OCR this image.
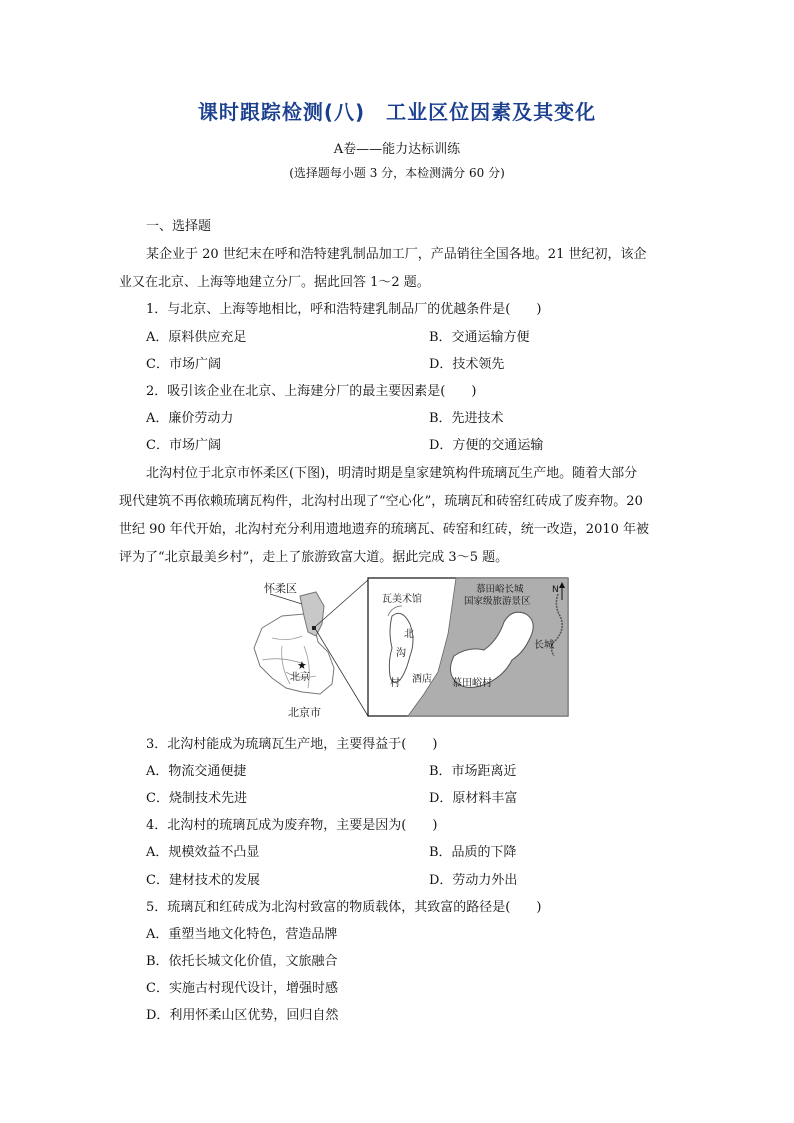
课时跟踪检测(八)　工业区位因素及其变化
A卷——能力达标训练
(选择题每小题 3 分，本检测满分 60 分)
一、选择题
某企业于 20 世纪末在呼和浩特建乳制品加工厂，产品销往全国各地。21 世纪初，该企
业又在北京、上海等地建立分厂。据此回答 1～2 题。
1．与北京、上海等地相比，呼和浩特建乳制品厂的优越条件是(　　)
A．原料供应充足	B．交通运输方便
C．市场广阔	D．技术领先
2．吸引该企业在北京、上海建分厂的最主要因素是(　　)
A．廉价劳动力	B．先进技术
C．市场广阔	D．方便的交通运输
北沟村位于北京市怀柔区(下图)，明清时期是皇家建筑构件琉璃瓦生产地。随着大部分
现代建筑不再依赖琉璃瓦构件，北沟村出现了“空心化”，琉璃瓦和砖窑红砖成了废弃物。20
世纪 90 年代开始，北沟村充分利用遗地遗弃的琉璃瓦、砖窑和红砖，统一改造，2010 年被
评为了“北京最美乡村”，走上了旅游致富大道。据此完成 3～5 题。
★
怀柔区
北京
北京市
瓦美术馆
北
沟
村 酒店
慕田峪长城
国家级旅游景区
慕田峪村
长城
N
3．北沟村能成为琉璃瓦生产地，主要得益于(　　)
A．物流交通便捷	B．市场距离近
C．烧制技术先进	D．原材料丰富
4．北沟村的琉璃瓦成为废弃物，主要是因为(　　)
A．规模效益不凸显	B．品质的下降
C．建材技术的发展	D．劳动力外出
5．琉璃瓦和红砖成为北沟村致富的物质载体，其致富的路径是(　　)
A．重塑当地文化特色，营造品牌
B．依托长城文化价值，文旅融合
C．实施古村现代设计，增强时感
D．利用怀柔山区优势，回归自然
